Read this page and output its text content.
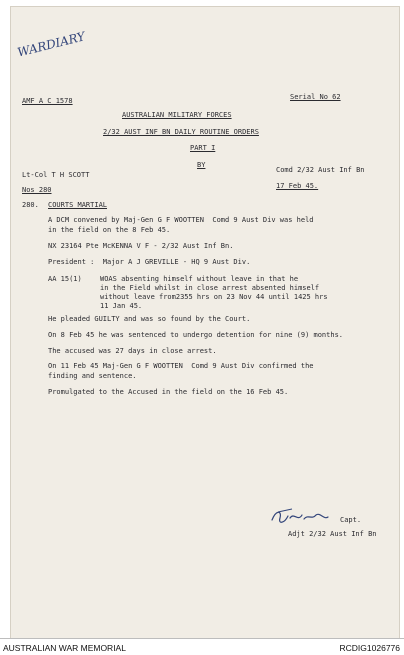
WARDIARY
AMF A C 1578	Serial No 62
AUSTRALIAN MILITARY FORCES
2/32 AUST INF BN DAILY ROUTINE ORDERS
PART I
BY
Lt-Col T H SCOTT
Comd 2/32 Aust Inf Bn
Nos 280	17 Feb 45.
280. COURTS MARTIAL
A DCM convened by Maj-Gen G F WOOTTEN  Comd 9 Aust Div was held
in the field on the 8 Feb 45.
NX 23164 Pte McKENNA V F - 2/32 Aust Inf Bn.
President :  Major A J GREVILLE - HQ 9 Aust Div.
AA 15(1)	WOAS absenting himself without leave in that he
in the Field whilst in close arrest absented himself
without leave from2355 hrs on 23 Nov 44 until 1425 hrs
11 Jan 45.
He pleaded GUILTY and was so found by the Court.
On 8 Feb 45 he was sentenced to undergo detention for nine (9) months.
The accused was 27 days in close arrest.
On 11 Feb 45 Maj-Gen G F WOOTTEN  Comd 9 Aust Div confirmed the
finding and sentence.
Promulgated to the Accused in the field on the 16 Feb 45.
Capt.
Adjt 2/32 Aust Inf Bn
AUSTRALIAN WAR MEMORIAL	RCDIG1026776
